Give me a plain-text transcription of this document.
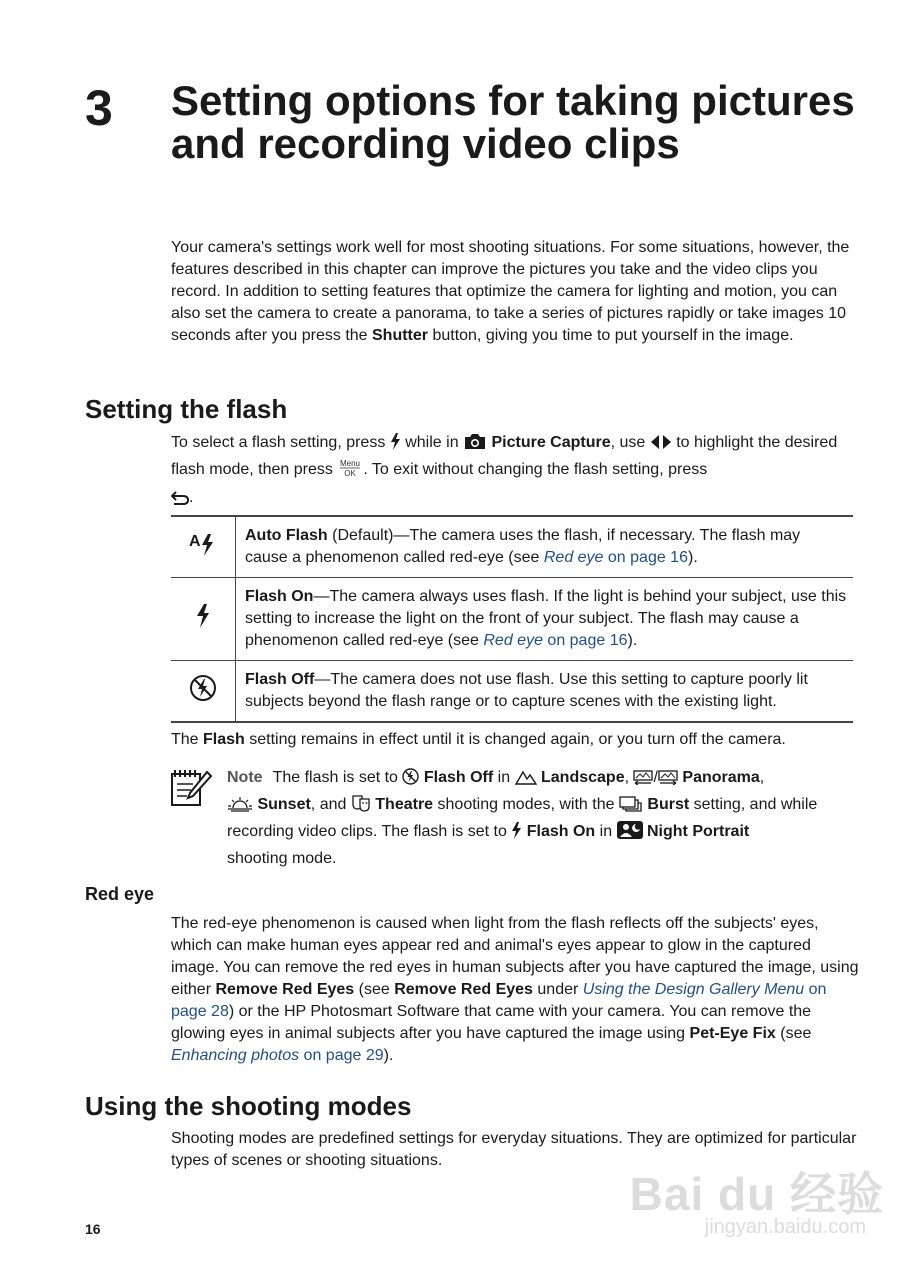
3 Setting options for taking pictures and recording video clips

Your camera's settings work well for most shooting situations. For some situations, however, the features described in this chapter can improve the pictures you take and the video clips you record. In addition to setting features that optimize the camera for lighting and motion, you can also set the camera to create a panorama, to take a series of pictures rapidly or take images 10 seconds after you press the Shutter button, giving you time to put yourself in the image.

Setting the flash

To select a flash setting, press  while in  Picture Capture, use  to highlight the desired flash mode, then press Menu
OK . To exit without changing the flash setting, press
.

A	Auto Flash (Default)—The camera uses the flash, if necessary. The flash may cause a phenomenon called red-eye (see Red eye on page 16).
	Flash On—The camera always uses flash. If the light is behind your subject, use this setting to increase the light on the front of your subject. The flash may cause a phenomenon called red-eye (see Red eye on page 16).
	Flash Off—The camera does not use flash. Use this setting to capture poorly lit subjects beyond the flash range or to capture scenes with the existing light.

The Flash setting remains in effect until it is changed again, or you turn off the camera.

Note The flash is set to  Flash Off in  Landscape, / Panorama,
Sunset, and  Theatre shooting modes, with the  Burst setting, and while recording video clips. The flash is set to  Flash On in  Night Portrait
shooting mode.

Red eye

The red-eye phenomenon is caused when light from the flash reflects off the subjects' eyes, which can make human eyes appear red and animal's eyes appear to glow in the captured image. You can remove the red eyes in human subjects after you have captured the image, using either Remove Red Eyes (see Remove Red Eyes under Using the Design Gallery Menu on page 28) or the HP Photosmart Software that came with your camera. You can remove the glowing eyes in animal subjects after you have captured the image using Pet-Eye Fix (see Enhancing photos on page 29).

Using the shooting modes

Shooting modes are predefined settings for everyday situations. They are optimized for particular types of scenes or shooting situations.

16
Bai du 经验
jingyan.baidu.com
